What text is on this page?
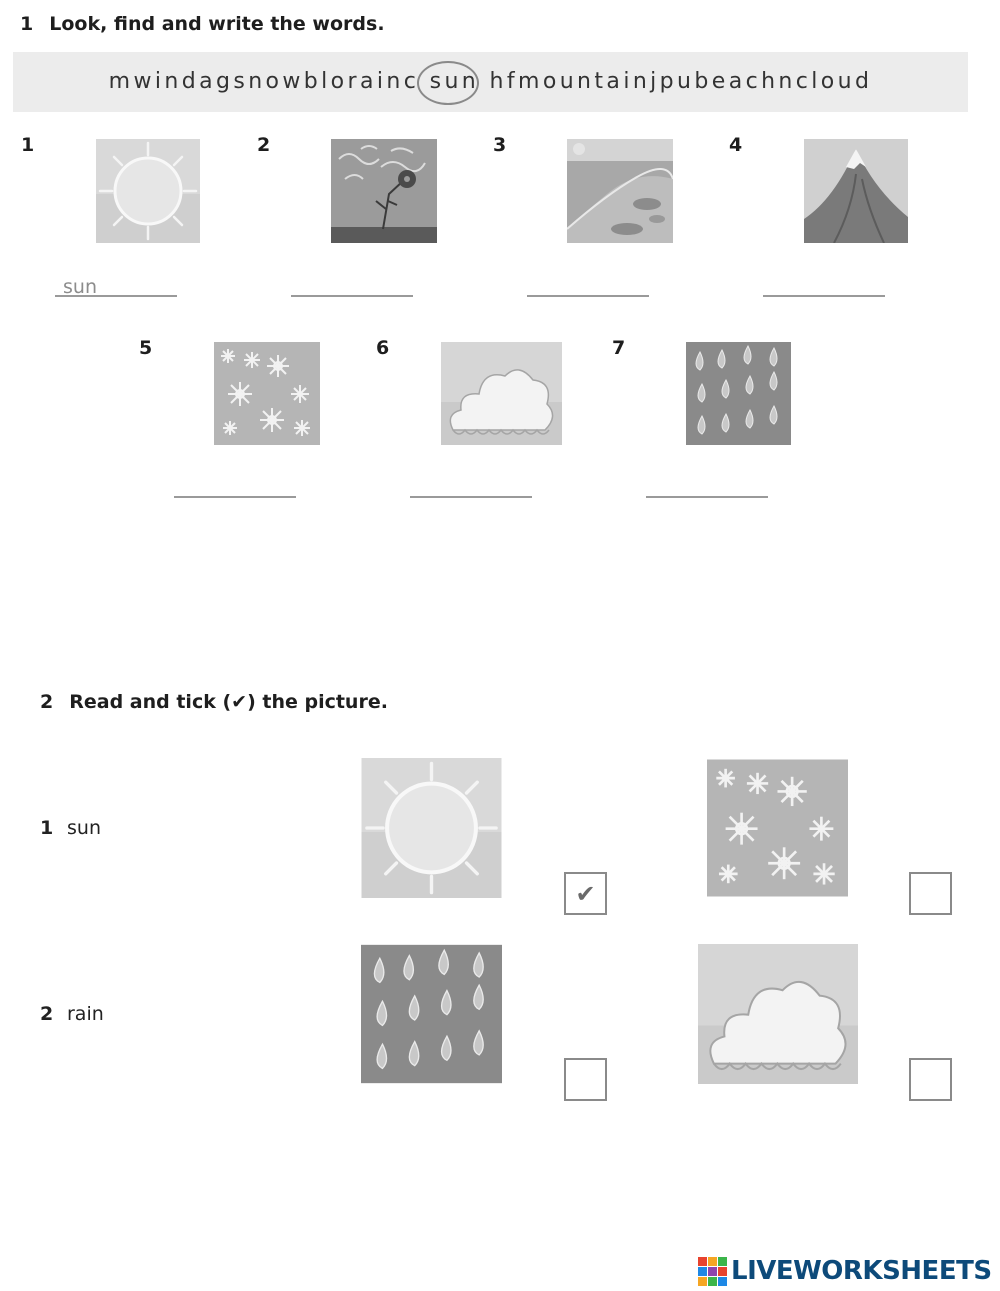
1 Look, find and write the words.
mwindagsnowblorainc sun hfmountainjpubeachncloud
1
sun
2	3	4
5	6	7
2 Read and tick (✔) the picture.
1 sun
✔
2 rain
LIVEWORKSHEETS
